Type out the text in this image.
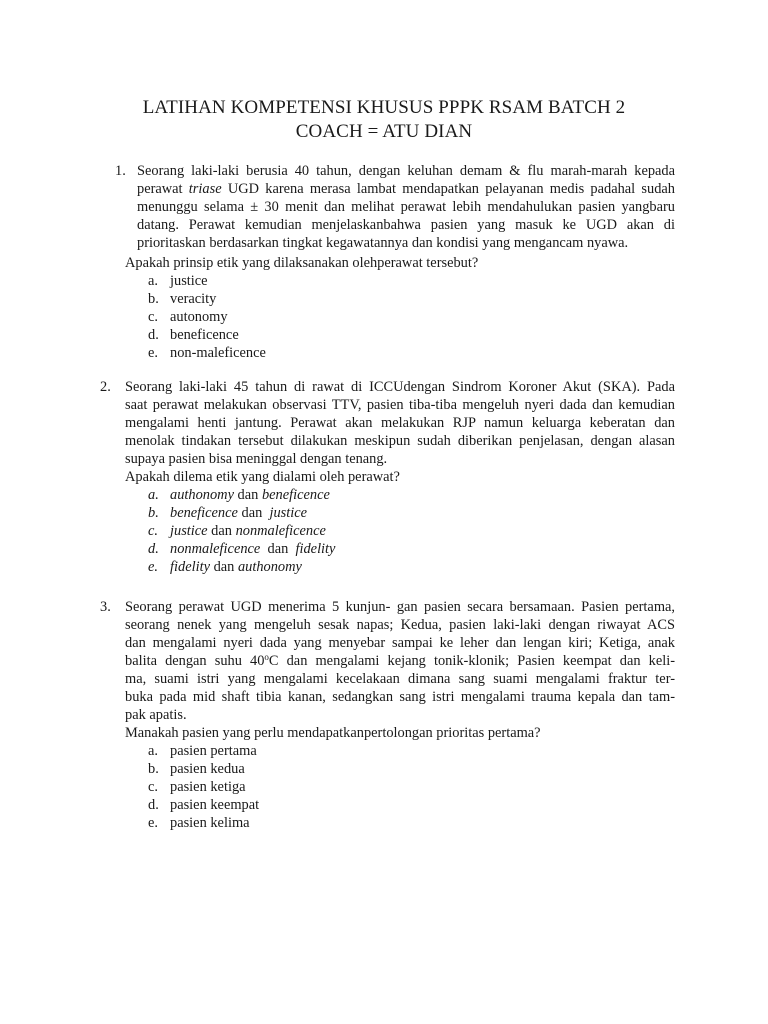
LATIHAN KOMPETENSI KHUSUS PPPK RSAM BATCH 2
COACH = ATU DIAN
1. Seorang laki-laki berusia 40 tahun, dengan keluhan demam & flu marah-marah kepada
perawat triase UGD karena merasa lambat mendapatkan pelayanan medis padahal sudah
menunggu selama ± 30 menit dan melihat perawat lebih mendahulukan pasien yangbaru
datang. Perawat kemudian menjelaskanbahwa pasien yang masuk ke UGD akan di
prioritaskan berdasarkan tingkat kegawatannya dan kondisi yang mengancam nyawa.
Apakah prinsip etik yang dilaksanakan olehperawat tersebut?
a. justice
b. veracity
c. autonomy
d. beneficence
e. non-maleficence
2. Seorang laki-laki 45 tahun di rawat di ICCUdengan Sindrom Koroner Akut (SKA). Pada
saat perawat melakukan observasi TTV, pasien tiba-tiba mengeluh nyeri dada dan kemudian
mengalami henti jantung. Perawat akan melakukan RJP namun keluarga keberatan dan
menolak tindakan tersebut dilakukan meskipun sudah diberikan penjelasan, dengan alasan
supaya pasien bisa meninggal dengan tenang.
Apakah dilema etik yang dialami oleh perawat?
a. authonomy dan beneficence
b. beneficence dan  justice
c. justice dan nonmaleficence
d. nonmaleficence  dan  fidelity
e. fidelity dan authonomy
3. Seorang perawat UGD menerima 5 kunjun- gan pasien secara bersamaan. Pasien pertama,
seorang nenek yang mengeluh sesak napas; Kedua, pasien laki-laki dengan riwayat ACS
dan mengalami nyeri dada yang menyebar sampai ke leher dan lengan kiri; Ketiga, anak
balita dengan suhu 40$^o$C dan mengalami kejang tonik-klonik; Pasien keempat dan keli-
ma, suami istri yang mengalami kecelakaan dimana sang suami mengalami fraktur ter-
buka pada mid shaft tibia kanan, sedangkan sang istri mengalami trauma kepala dan tam-
pak apatis.
Manakah pasien yang perlu mendapatkanpertolongan prioritas pertama?
a. pasien pertama
b. pasien kedua
c. pasien ketiga
d. pasien keempat
e. pasien kelima
